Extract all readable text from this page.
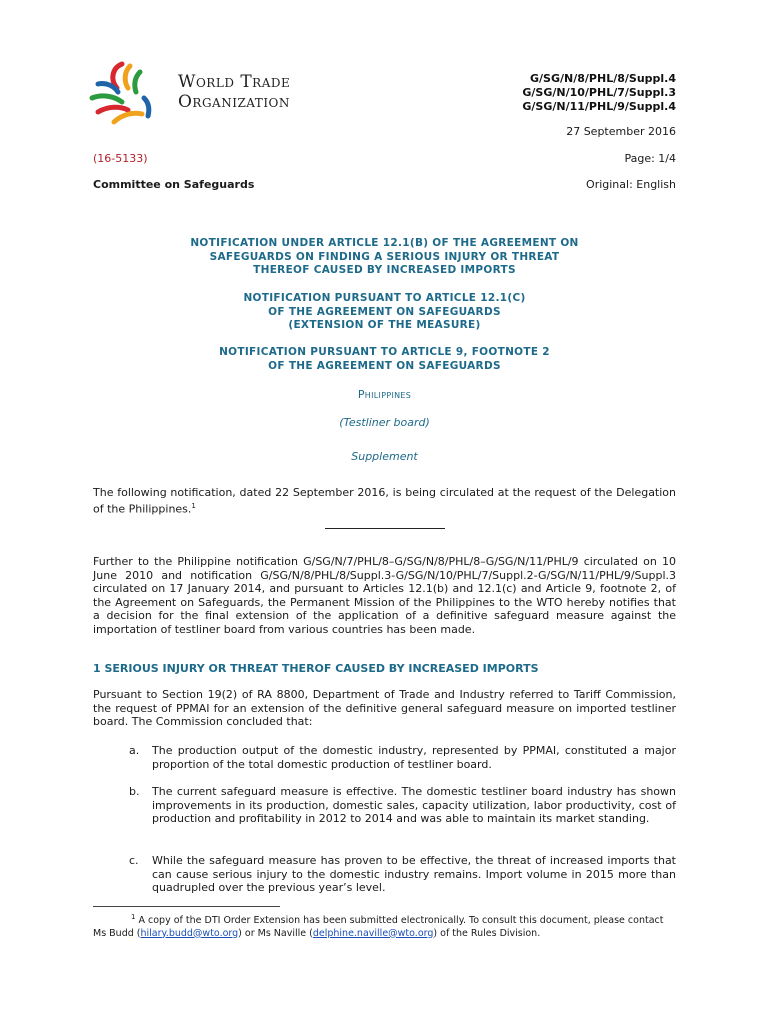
World Trade
Organization
G/SG/N/8/PHL/8/Suppl.4
G/SG/N/10/PHL/7/Suppl.3
G/SG/N/11/PHL/9/Suppl.4
27 September 2016
(16-5133)	Page: 1/4
Committee on Safeguards	Original: English
NOTIFICATION UNDER ARTICLE 12.1(B) OF THE AGREEMENT ON
SAFEGUARDS ON FINDING A SERIOUS INJURY OR THREAT
THEREOF CAUSED BY INCREASED IMPORTS
NOTIFICATION PURSUANT TO ARTICLE 12.1(C)
OF THE AGREEMENT ON SAFEGUARDS
(EXTENSION OF THE MEASURE)
NOTIFICATION PURSUANT TO ARTICLE 9, FOOTNOTE 2
OF THE AGREEMENT ON SAFEGUARDS
Philippines
(Testliner board)
Supplement
The following notification, dated 22 September 2016, is being circulated at the request of the Delegation of the Philippines.$^1$
Further to the Philippine notification G/SG/N/7/PHL/8–G/SG/N/8/PHL/8–G/SG/N/11/PHL/9 circulated on 10 June 2010 and notification G/SG/N/8/PHL/8/Suppl.3-G/SG/N/10/PHL/7/Suppl.2-G/SG/N/11/PHL/9/Suppl.3 circulated on 17 January 2014, and pursuant to Articles 12.1(b) and 12.1(c) and Article 9, footnote 2, of the Agreement on Safeguards, the Permanent Mission of the Philippines to the WTO hereby notifies that a decision for the final extension of the application of a definitive safeguard measure against the importation of testliner board from various countries has been made.
1 SERIOUS INJURY OR THREAT THEROF CAUSED BY INCREASED IMPORTS
Pursuant to Section 19(2) of RA 8800, Department of Trade and Industry referred to Tariff Commission, the request of PPMAI for an extension of the definitive general safeguard measure on imported testliner board. The Commission concluded that:
a.	The production output of the domestic industry, represented by PPMAI, constituted a major proportion of the total domestic production of testliner board.
b.	The current safeguard measure is effective. The domestic testliner board industry has shown improvements in its production, domestic sales, capacity utilization, labor productivity, cost of production and profitability in 2012 to 2014 and was able to maintain its market standing.
c.	While the safeguard measure has proven to be effective, the threat of increased imports that can cause serious injury to the domestic industry remains. Import volume in 2015 more than quadrupled over the previous year’s level.
$^1$ A copy of the DTI Order Extension has been submitted electronically. To consult this document, please contact Ms Budd (hilary.budd@wto.org) or Ms Naville (delphine.naville@wto.org) of the Rules Division.
